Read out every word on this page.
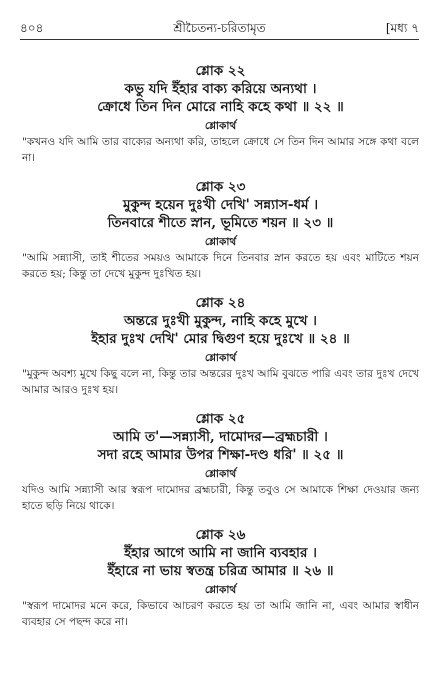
৪০৪	শ্রীচৈতন্য-চরিতামৃত	[মধ্য ৭
শ্লোক ২২
কভু যদি ইঁহার বাক্য করিয়ে অন্যথা ।
ক্রোধে তিন দিন মোরে নাহি কহে কথা ॥ ২২ ॥
শ্লোকার্থ
"কখনও যদি আমি তার বাক্যের অন্যথা করি, তাহলে ক্রোধে সে তিন দিন আমার সঙ্গে কথা বলে না।
শ্লোক ২৩
মুকুন্দ হয়েন দুঃখী দেখি' সন্ন্যাস-ধর্ম ।
তিনবারে শীতে স্নান, ভূমিতে শয়ন ॥ ২৩ ॥
শ্লোকার্থ
"আমি সন্ন্যাসী, তাই শীতের সময়ও আমাকে দিনে তিনবার স্নান করতে হয় এবং মাটিতে শয়ন করতে হয়; কিন্তু তা দেখে মুকুন্দ দুঃখিত হয়।
শ্লোক ২৪
অন্তরে দুঃখী মুকুন্দ, নাহি কহে মুখে ।
ইহার দুঃখ দেখি' মোর দ্বিগুণ হয়ে দুঃখে ॥ ২৪ ॥
শ্লোকার্থ
"মুকুন্দ অবশ্য মুখে কিছু বলে না, কিন্তু তার অন্তরের দুঃখ আমি বুঝতে পারি এবং তার দুঃখ দেখে আমার আরও দুঃখ হয়।
শ্লোক ২৫
আমি ত'—সন্ন্যাসী, দামোদর—ব্রহ্মচারী ।
সদা রহে আমার উপর শিক্ষা-দণ্ড ধরি' ॥ ২৫ ॥
শ্লোকার্থ
যদিও আমি সন্ন্যাসী আর স্বরূপ দামোদর ব্রহ্মচারী, কিন্তু তবুও সে আমাকে শিক্ষা দেওয়ার জন্য হাতে ছড়ি নিয়ে থাকে।
শ্লোক ২৬
ইঁহার আগে আমি না জানি ব্যবহার ।
ইঁহারে না ভায় স্বতন্ত্র চরিত্র আমার ॥ ২৬ ॥
শ্লোকার্থ
"স্বরূপ দামোদর মনে করে, কিভাবে আচরণ করতে হয় তা আমি জানি না, এবং আমার স্বাধীন ব্যবহার সে পছন্দ করে না।
